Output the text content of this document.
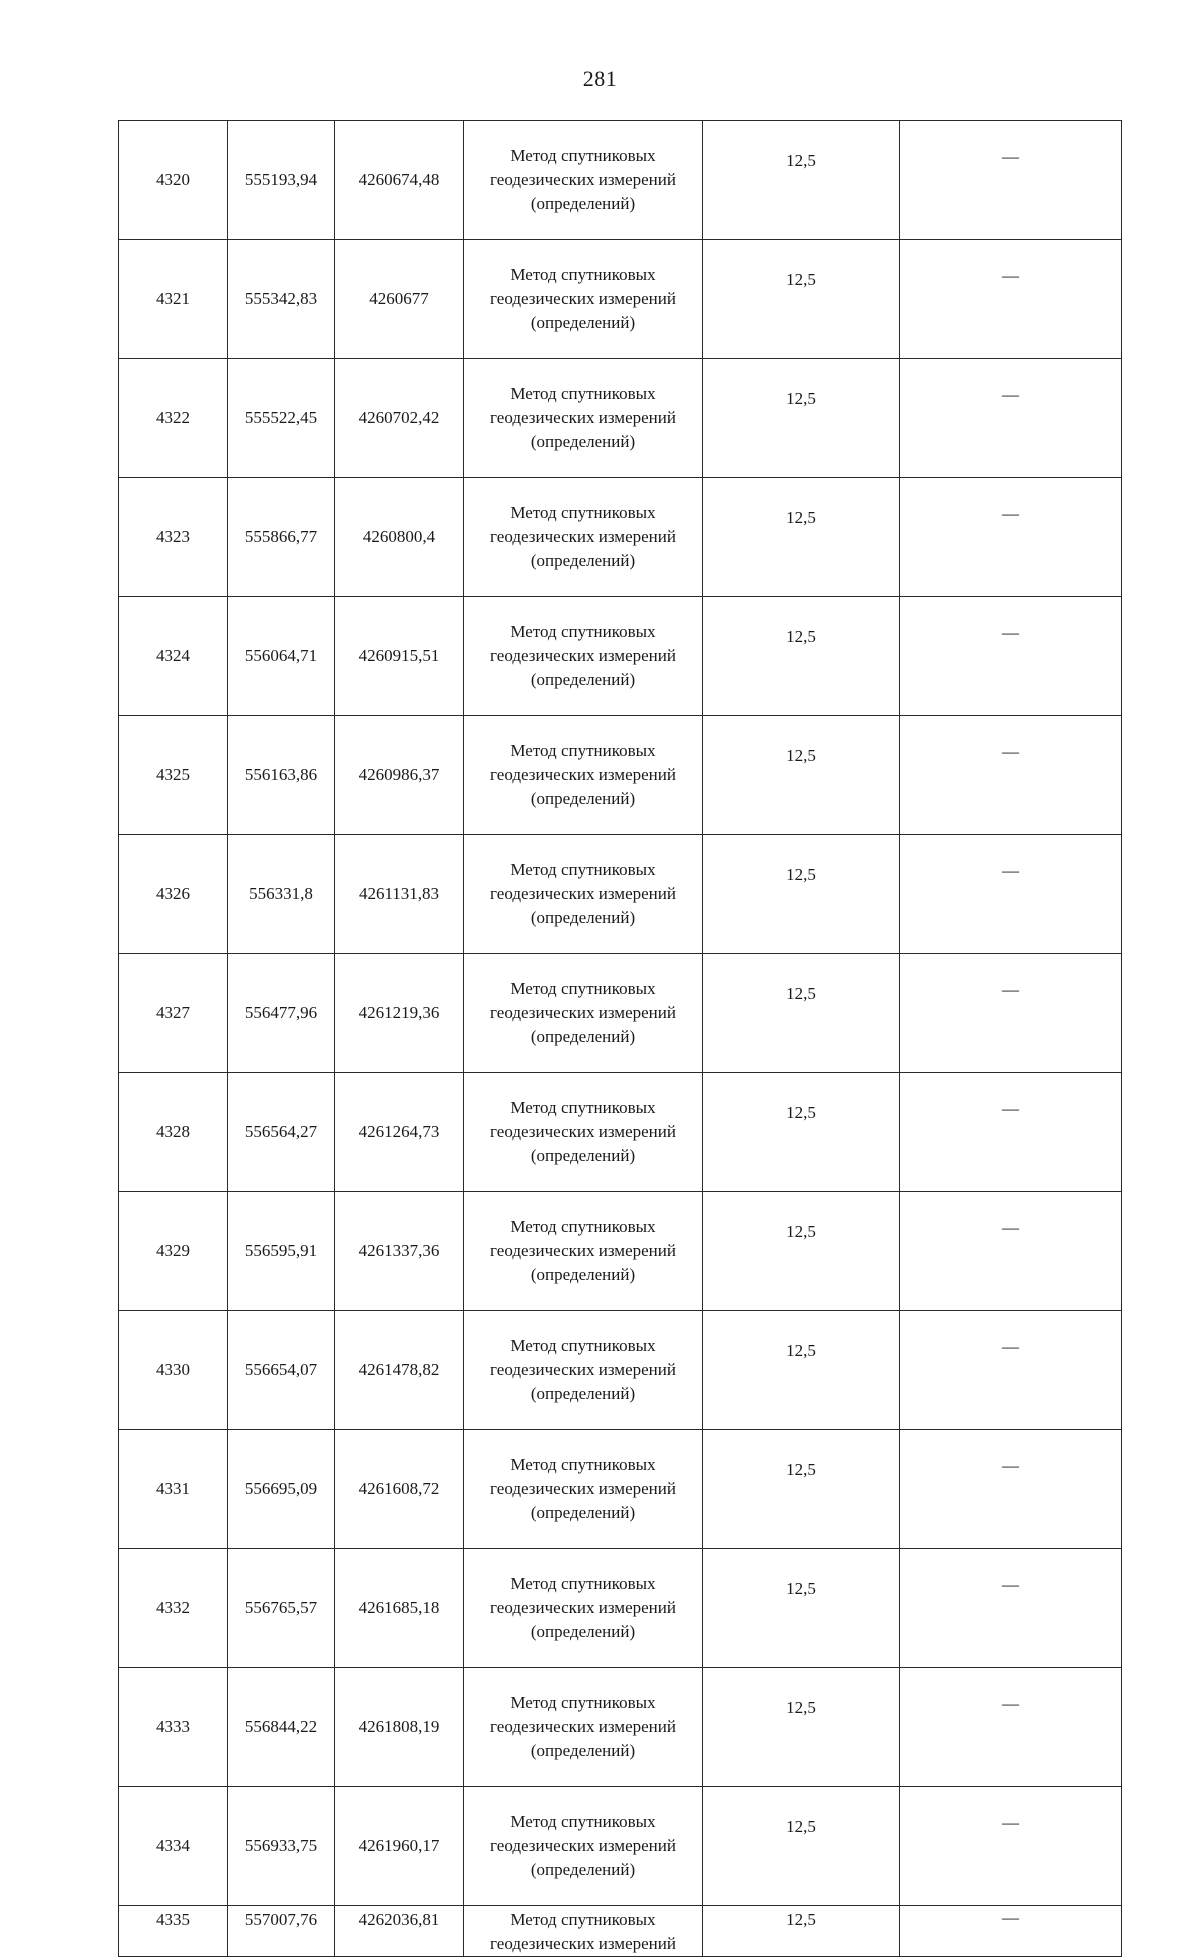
281
4320	555193,94	4260674,48	Метод спутниковых
геодезических измерений
(определений)	12,5	—
4321	555342,83	4260677	Метод спутниковых
геодезических измерений
(определений)	12,5	—
4322	555522,45	4260702,42	Метод спутниковых
геодезических измерений
(определений)	12,5	—
4323	555866,77	4260800,4	Метод спутниковых
геодезических измерений
(определений)	12,5	—
4324	556064,71	4260915,51	Метод спутниковых
геодезических измерений
(определений)	12,5	—
4325	556163,86	4260986,37	Метод спутниковых
геодезических измерений
(определений)	12,5	—
4326	556331,8	4261131,83	Метод спутниковых
геодезических измерений
(определений)	12,5	—
4327	556477,96	4261219,36	Метод спутниковых
геодезических измерений
(определений)	12,5	—
4328	556564,27	4261264,73	Метод спутниковых
геодезических измерений
(определений)	12,5	—
4329	556595,91	4261337,36	Метод спутниковых
геодезических измерений
(определений)	12,5	—
4330	556654,07	4261478,82	Метод спутниковых
геодезических измерений
(определений)	12,5	—
4331	556695,09	4261608,72	Метод спутниковых
геодезических измерений
(определений)	12,5	—
4332	556765,57	4261685,18	Метод спутниковых
геодезических измерений
(определений)	12,5	—
4333	556844,22	4261808,19	Метод спутниковых
геодезических измерений
(определений)	12,5	—
4334	556933,75	4261960,17	Метод спутниковых
геодезических измерений
(определений)	12,5	—
4335	557007,76	4262036,81	Метод спутниковых
геодезических измерений	12,5	—
